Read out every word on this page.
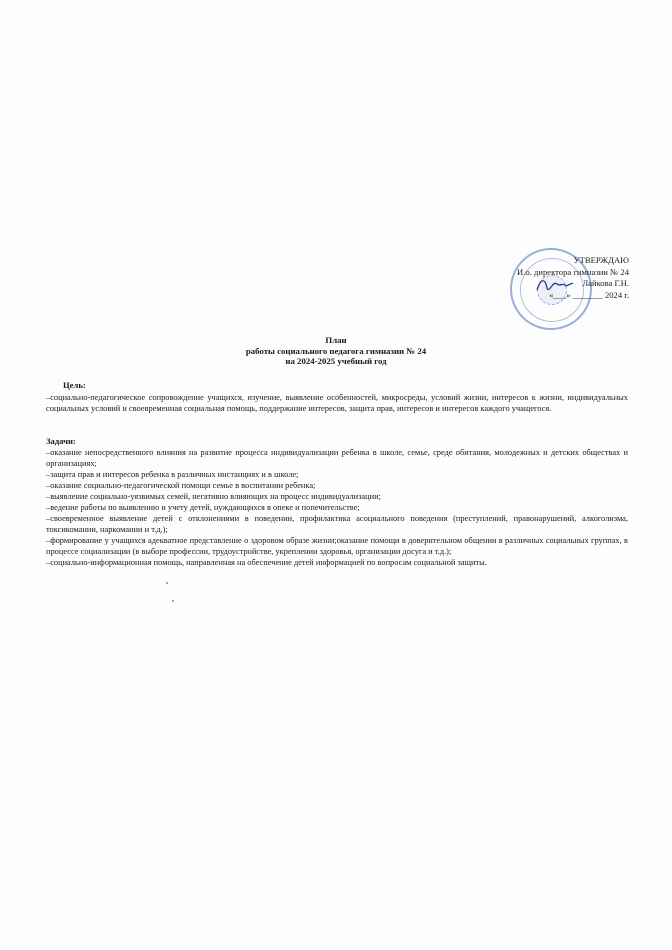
УТВЕРЖДАЮ
И.о. директора гимназии № 24
Лайкова Г.Н.
«___» _______ 2024 г.
План
работы социального педагога гимназии № 24
на 2024-2025 учебный год
Цель:
–социально-педагогическое сопровождение учащихся, изучение, выявление особенностей, микросреды, условий жизни, интересов к жизни, индивидуальных социальных условий и своевременная социальная помощь, поддержание интересов, защита прав, интересов и интересов каждого учащегося.
Задачи:
–оказание непосредственного влияния на развитие процесса индивидуализации ребенка в школе, семье, среде обитания, молодежных и детских обществах и организациях;
–защита прав и интересов ребенка в различных инстанциях и в школе;
–оказание социально-педагогической помощи семье в воспитании ребенка;
–выявление социально-уязвимых семей, негативно влияющих на процесс индивидуализации;
–ведение работы по выявлению и учету детей, нуждающихся в опеке и попечительстве;
–своевременное выявление детей с отклонениями в поведении, профилактика асоциального поведения (преступлений, правонарушений, алкоголизма, токсикомании, наркомании и т.д.);
–формирование у учащихся адекватное представление о здоровом образе жизни;оказание помощи в доверительном общении в различных социальных группах, в процессе социализации (в выборе профессии, трудоустройстве, укреплении здоровья, организации досуга и т.д.);
–социально-информационная помощь, направленная на обеспечение детей информацией по вопросам социальной защиты.
